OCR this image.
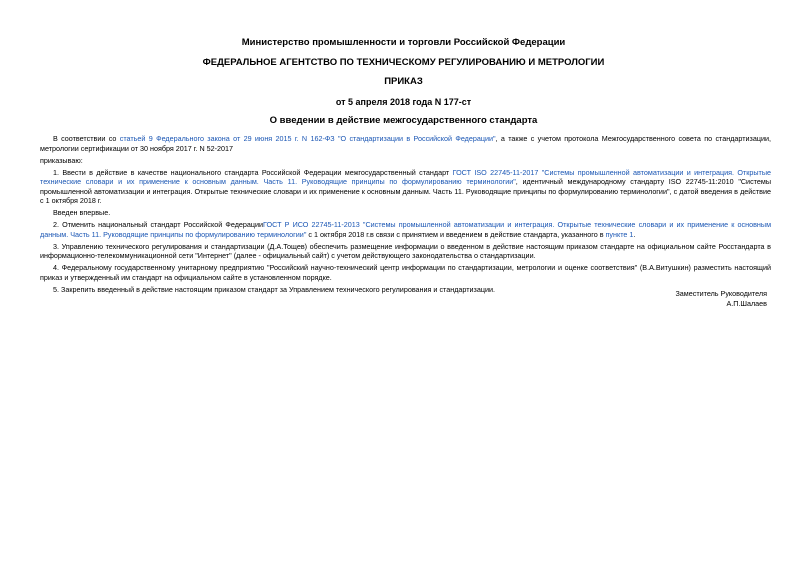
Министерство промышленности и торговли Российской Федерации
ФЕДЕРАЛЬНОЕ АГЕНТСТВО ПО ТЕХНИЧЕСКОМУ РЕГУЛИРОВАНИЮ И МЕТРОЛОГИИ
ПРИКАЗ
от 5 апреля 2018 года N 177-ст
О введении в действие межгосударственного стандарта

В соответствии со статьей 9 Федерального закона от 29 июня 2015 г. N 162-ФЗ "О стандартизации в Российской Федерации", а также с учетом протокола Межгосударственного совета по стандартизации, метрологии сертификации от 30 ноября 2017 г. N 52-2017

приказываю:

1. Ввести в действие в качестве национального стандарта Российской Федерации межгосударственный стандарт ГОСТ ISO 22745-11-2017 "Системы промышленной автоматизации и интеграция. Открытые технические словари и их применение к основным данным. Часть 11. Руководящие принципы по формулированию терминологии", идентичный международному стандарту ISO 22745-11:2010 "Системы промышленной автоматизации и интеграция. Открытые технические словари и их применение к основным данным. Часть 11. Руководящие принципы по формулированию терминологии", с датой введения в действие с 1 октября 2018 г.

Введен впервые.

2. Отменить национальный стандарт Российской ФедерацииГОСТ Р ИСО 22745-11-2013 "Системы промышленной автоматизации и интеграция. Открытые технические словари и их применение к основным данным. Часть 11. Руководящие принципы по формулированию терминологии" с 1 октября 2018 г.в связи с принятием и введением в действие стандарта, указанного в пункте 1.

3. Управлению технического регулирования и стандартизации (Д.А.Тощев) обеспечить размещение информации о введенном в действие настоящим приказом стандарте на официальном сайте Росстандарта в информационно-телекоммуникационной сети "Интернет" (далее - официальный сайт) с учетом действующего законодательства о стандартизации.

4. Федеральному государственному унитарному предприятию "Российский научно-технический центр информации по стандартизации, метрологии и оценке соответствия" (В.А.Витушкин) разместить настоящий приказ и утвержденный им стандарт на официальном сайте в установленном порядке.

5. Закрепить введенный в действие настоящим приказом стандарт за Управлением технического регулирования и стандартизации.	Заместитель Руководителя
А.П.Шалаев
